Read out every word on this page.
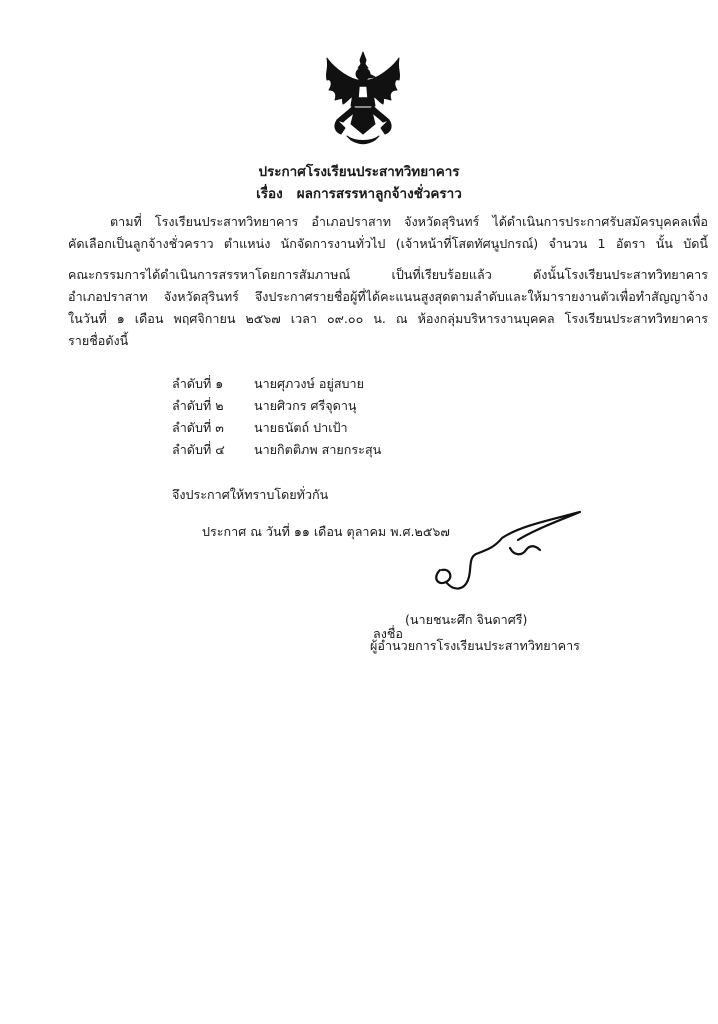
ประกาศโรงเรียนประสาทวิทยาคาร
เรื่อง ผลการสรรหาลูกจ้างชั่วคราว
ตามที่ โรงเรียนประสาทวิทยาคาร อำเภอปราสาท จังหวัดสุรินทร์ ได้ดำเนินการประกาศรับสมัครบุคคลเพื่อ
คัดเลือกเป็นลูกจ้างชั่วคราว ตำแหน่ง นักจัดการงานทั่วไป (เจ้าหน้าที่โสตทัศนูปกรณ์) จำนวน 1 อัตรา นั้น บัดนี้
คณะกรรมการได้ดำเนินการสรรหาโดยการสัมภาษณ์ เป็นที่เรียบร้อยแล้ว ดังนั้นโรงเรียนประสาทวิทยาคาร
อำเภอปราสาท จังหวัดสุรินทร์ จึงประกาศรายชื่อผู้ที่ได้คะแนนสูงสุดตามลำดับและให้มารายงานตัวเพื่อทำสัญญาจ้าง
ในวันที่ ๑ เดือน พฤศจิกายน ๒๕๖๗ เวลา ๐๙.๐๐ น. ณ ห้องกลุ่มบริหารงานบุคคล โรงเรียนประสาทวิทยาคาร
รายชื่อดังนี้
ลำดับที่ ๑ นายศุภวงษ์ อยู่สบาย
ลำดับที่ ๒ นายศิวกร ศรีจุดานุ
ลำดับที่ ๓ นายธนัตถ์ ปาเป้า
ลำดับที่ ๔ นายกิตติภพ สายกระสุน
จึงประกาศให้ทราบโดยทั่วกัน
ประกาศ ณ วันที่ ๑๑ เดือน ตุลาคม พ.ศ.๒๕๖๗
ลงชื่อ
(นายชนะศึก จินดาศรี)
ผู้อำนวยการโรงเรียนประสาทวิทยาคาร
